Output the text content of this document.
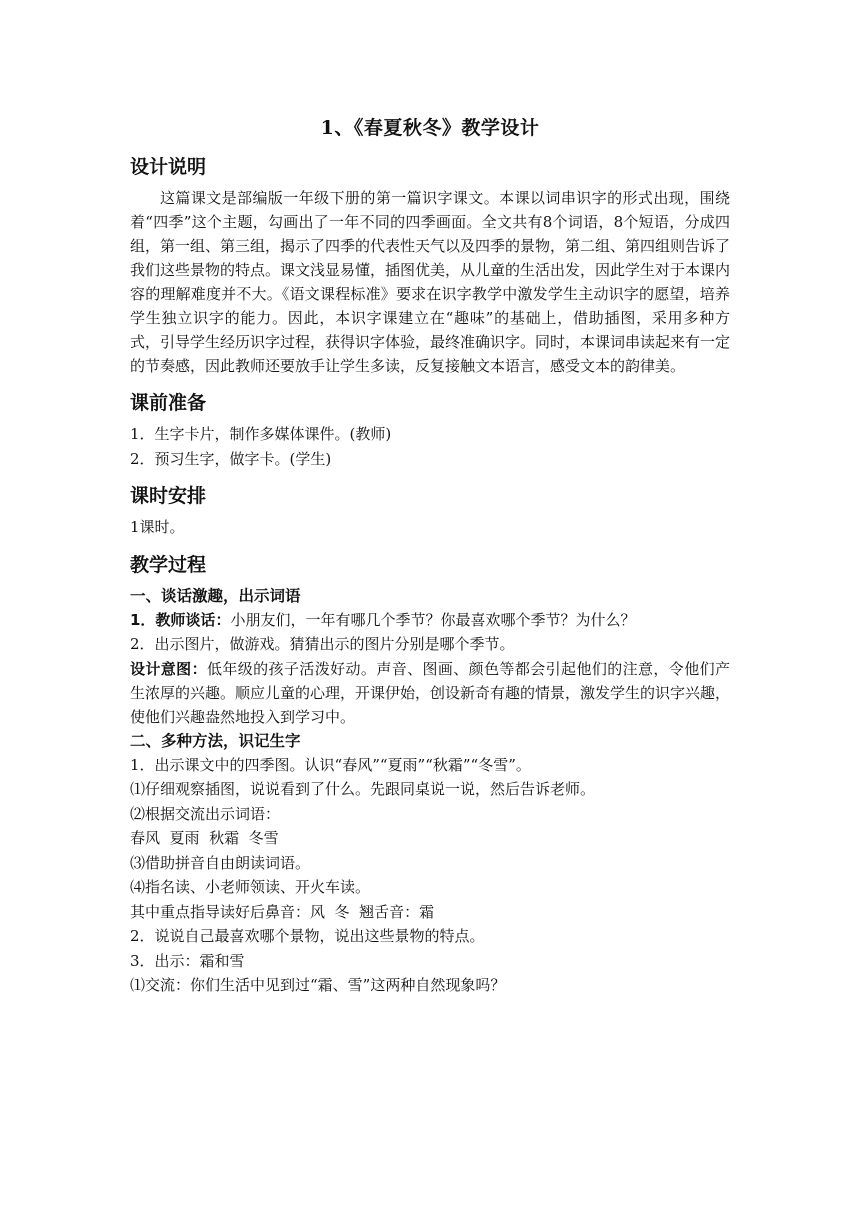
1、《春夏秋冬》教学设计
设计说明

这篇课文是部编版一年级下册的第一篇识字课文。本课以词串识字的形式出现，围绕着“四季”这个主题，勾画出了一年不同的四季画面。全文共有8个词语，8个短语，分成四组，第一组、第三组，揭示了四季的代表性天气以及四季的景物，第二组、第四组则告诉了我们这些景物的特点。课文浅显易懂，插图优美，从儿童的生活出发，因此学生对于本课内容的理解难度并不大。《语文课程标准》要求在识字教学中激发学生主动识字的愿望，培养学生独立识字的能力。因此，本识字课建立在“趣味”的基础上，借助插图，采用多种方式，引导学生经历识字过程，获得识字体验，最终准确识字。同时，本课词串读起来有一定的节奏感，因此教师还要放手让学生多读，反复接触文本语言，感受文本的韵律美。

课前准备

1．生字卡片，制作多媒体课件。(教师)

2．预习生字，做字卡。(学生)

课时安排

1课时。

教学过程
一、谈话激趣，出示词语

1．教师谈话：小朋友们，一年有哪几个季节？你最喜欢哪个季节？为什么？

2．出示图片，做游戏。猜猜出示的图片分别是哪个季节。

设计意图：低年级的孩子活泼好动。声音、图画、颜色等都会引起他们的注意，令他们产生浓厚的兴趣。顺应儿童的心理，开课伊始，创设新奇有趣的情景，激发学生的识字兴趣，使他们兴趣盎然地投入到学习中。

二、多种方法，识记生字

1．出示课文中的四季图。认识“春风”“夏雨”“秋霜”“冬雪”。

⑴仔细观察插图，说说看到了什么。先跟同桌说一说，然后告诉老师。

⑵根据交流出示词语：

春风  夏雨  秋霜  冬雪

⑶借助拼音自由朗读词语。

⑷指名读、小老师领读、开火车读。

其中重点指导读好后鼻音：风  冬  翘舌音：霜

2．说说自己最喜欢哪个景物，说出这些景物的特点。

3．出示：霜和雪

⑴交流：你们生活中见到过“霜、雪”这两种自然现象吗？
